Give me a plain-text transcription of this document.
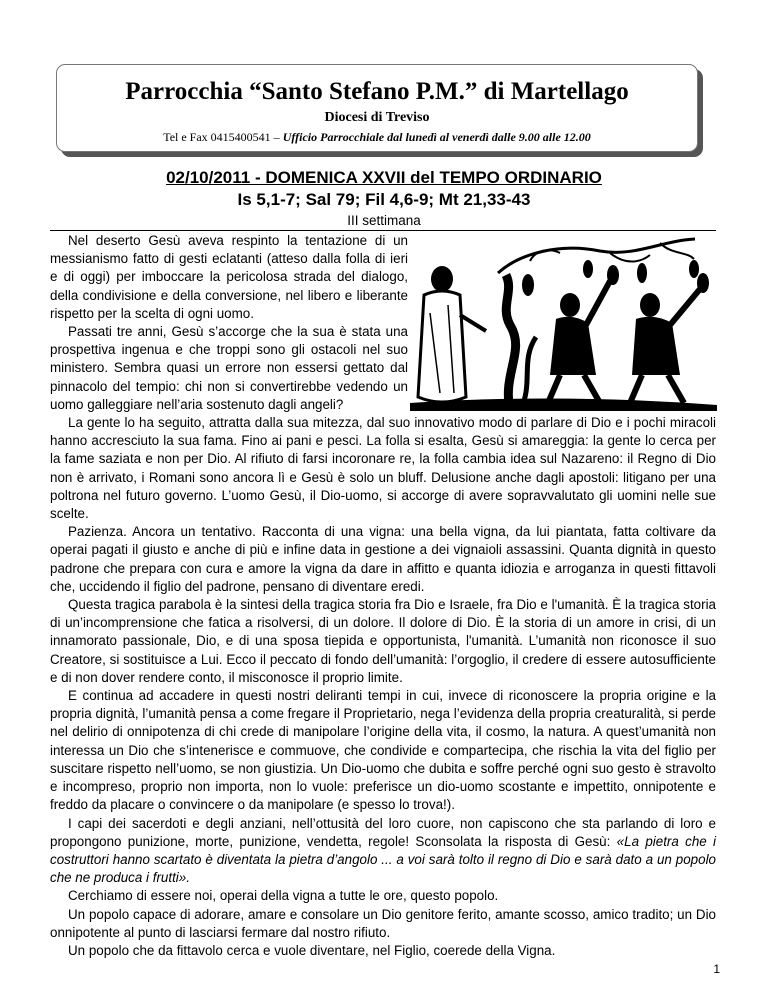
Parrocchia “Santo Stefano P.M.” di Martellago
Diocesi di Treviso
Tel e Fax 0415400541 – Ufficio Parrocchiale dal lunedì al venerdì dalle 9.00 alle 12.00
02/10/2011 - DOMENICA XXVII del TEMPO ORDINARIO
Is 5,1-7; Sal 79; Fil 4,6-9; Mt 21,33-43
III settimana

Nel deserto Gesù aveva respinto la tentazione di un messianismo fatto di gesti eclatanti (atteso dalla folla di ieri e di oggi) per imboccare la pericolosa strada del dialogo, della condivisione e della conversione, nel libero e liberante rispetto per la scelta di ogni uomo.

Passati tre anni, Gesù s’accorge che la sua è stata una prospettiva ingenua e che troppi sono gli ostacoli nel suo ministero. Sembra quasi un errore non essersi gettato dal pinnacolo del tempio: chi non si convertirebbe vedendo un uomo galleggiare nell’aria sostenuto dagli angeli?

La gente lo ha seguito, attratta dalla sua mitezza, dal suo innovativo modo di parlare di Dio e i pochi miracoli hanno accresciuto la sua fama. Fino ai pani e pesci. La folla si esalta, Gesù si amareggia: la gente lo cerca per la fame saziata e non per Dio. Al rifiuto di farsi incoronare re, la folla cambia idea sul Nazareno: il Regno di Dio non è arrivato, i Romani sono ancora lì e Gesù è solo un bluff. Delusione anche dagli apostoli: litigano per una poltrona nel futuro governo. L’uomo Gesù, il Dio-uomo, si accorge di avere sopravvalutato gli uomini nelle sue scelte.

Pazienza. Ancora un tentativo. Racconta di una vigna: una bella vigna, da lui piantata, fatta coltivare da operai pagati il giusto e anche di più e infine data in gestione a dei vignaioli assassini. Quanta dignità in questo padrone che prepara con cura e amore la vigna da dare in affitto e quanta idiozia e arroganza in questi fittavoli che, uccidendo il figlio del padrone, pensano di diventare eredi.

Questa tragica parabola è la sintesi della tragica storia fra Dio e Israele, fra Dio e l'umanità. È la tragica storia di un’incomprensione che fatica a risolversi, di un dolore. Il dolore di Dio. È la storia di un amore in crisi, di un innamorato passionale, Dio, e di una sposa tiepida e opportunista, l'umanità. L’umanità non riconosce il suo Creatore, si sostituisce a Lui. Ecco il peccato di fondo dell’umanità: l’orgoglio, il credere di essere autosufficiente e di non dover rendere conto, il misconosce il proprio limite.

E continua ad accadere in questi nostri deliranti tempi in cui, invece di riconoscere la propria origine e la propria dignità, l’umanità pensa a come fregare il Proprietario, nega l’evidenza della propria creaturalità, si perde nel delirio di onnipotenza di chi crede di manipolare l’origine della vita, il cosmo, la natura. A quest’umanità non interessa un Dio che s’intenerisce e commuove, che condivide e compartecipa, che rischia la vita del figlio per suscitare rispetto nell’uomo, se non giustizia. Un Dio-uomo che dubita e soffre perché ogni suo gesto è stravolto e incompreso, proprio non importa, non lo vuole: preferisce un dio-uomo scostante e impettito, onnipotente e freddo da placare o convincere o da manipolare (e spesso lo trova!).

I capi dei sacerdoti e degli anziani, nell’ottusità del loro cuore, non capiscono che sta parlando di loro e propongono punizione, morte, punizione, vendetta, regole! Sconsolata la risposta di Gesù: «La pietra che i costruttori hanno scartato è diventata la pietra d’angolo ... a voi sarà tolto il regno di Dio e sarà dato a un popolo che ne produca i frutti».

Cerchiamo di essere noi, operai della vigna a tutte le ore, questo popolo.

Un popolo capace di adorare, amare e consolare un Dio genitore ferito, amante scosso, amico tradito; un Dio onnipotente al punto di lasciarsi fermare dal nostro rifiuto.

Un popolo che da fittavolo cerca e vuole diventare, nel Figlio, coerede della Vigna.

1
